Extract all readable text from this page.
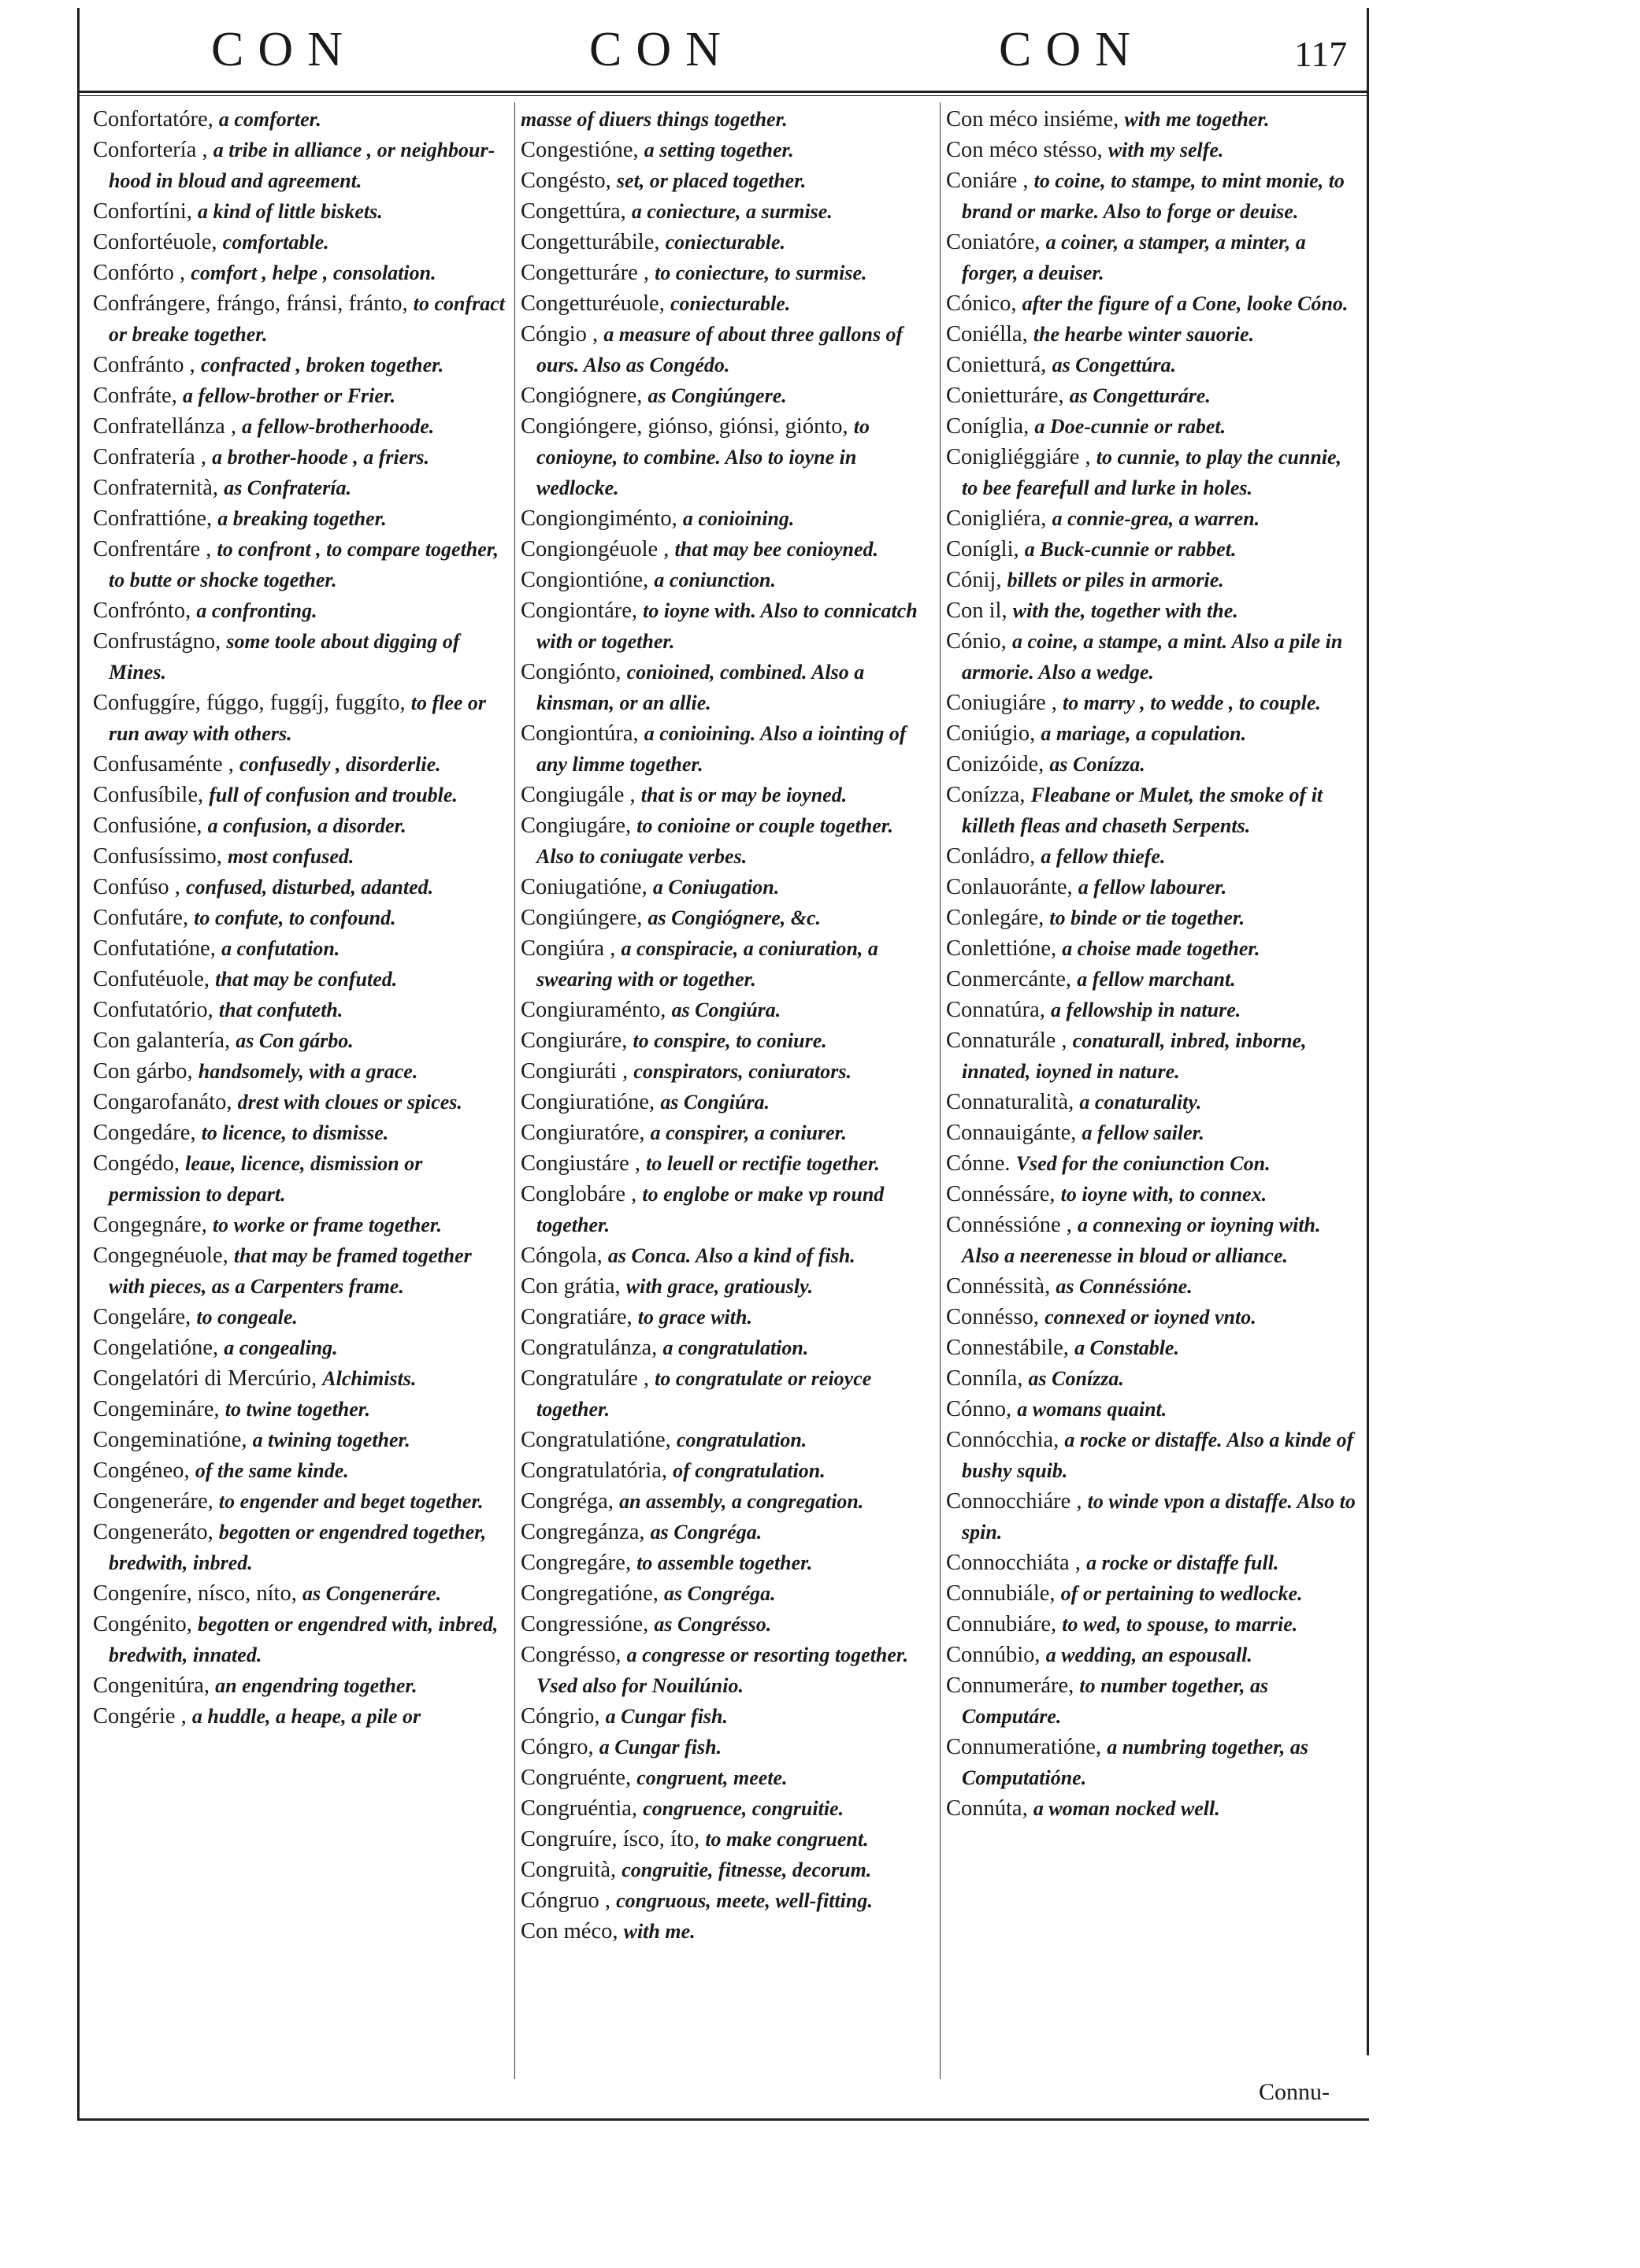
CON	CON	CON	117
Confortatóre, a comforter.
Confortería , a tribe in alliance , or neighbour-hood in bloud and agreement.
Confortíni, a kind of little biskets.
Confortéuole, comfortable.
Confórto , comfort , helpe , consolation.
Confrángere, frángo, fránsi, fránto, to confract or breake together.
Confránto , confracted , broken together.
Confráte, a fellow-brother or Frier.
Confratellánza , a fellow-brotherhoode.
Confratería , a brother-hoode , a friers.
Confraternità, as Confratería.
Confrattióne, a breaking together.
Confrentáre , to confront , to compare together, to butte or shocke together.
Confrónto, a confronting.
Confrustágno, some toole about digging of Mines.
Confuggíre, fúggo, fuggíj, fuggíto, to flee or run away with others.
Confusaménte , confusedly , disorderlie.
Confusíbile, full of confusion and trouble.
Confusióne, a confusion, a disorder.
Confusíssimo, most confused.
Confúso , confused, disturbed, adanted.
Confutáre, to confute, to confound.
Confutatióne, a confutation.
Confutéuole, that may be confuted.
Confutatório, that confuteth.
Con galantería, as Con gárbo.
Con gárbo, handsomely, with a grace.
Congarofanáto, drest with cloues or spices.
Congedáre, to licence, to dismisse.
Congédo, leaue, licence, dismission or permission to depart.
Congegnáre, to worke or frame together.
Congegnéuole, that may be framed together with pieces, as a Carpenters frame.
Congeláre, to congeale.
Congelatióne, a congealing.
Congelatóri di Mercúrio, Alchimists.
Congemináre, to twine together.
Congeminatióne, a twining together.
Congéneo, of the same kinde.
Congeneráre, to engender and beget together.
Congeneráto, begotten or engendred together, bredwith, inbred.
Congeníre, nísco, níto, as Congeneráre.
Congénito, begotten or engendred with, inbred, bredwith, innated.
Congenitúra, an engendring together.
Congérie , a huddle, a heape, a pile or
masse of diuers things together.
Congestióne, a setting together.
Congésto, set, or placed together.
Congettúra, a coniecture, a surmise.
Congetturábile, coniecturable.
Congetturáre , to coniecture, to surmise.
Congetturéuole, coniecturable.
Cóngio , a measure of about three gallons of ours. Also as Congédo.
Congiógnere, as Congiúngere.
Congióngere, giónso, giónsi, giónto, to conioyne, to combine. Also to ioyne in wedlocke.
Congiongiménto, a conioining.
Congiongéuole , that may bee conioyned.
Congiontióne, a coniunction.
Congiontáre, to ioyne with. Also to connicatch with or together.
Congiónto, conioined, combined. Also a kinsman, or an allie.
Congiontúra, a conioining. Also a iointing of any limme together.
Congiugále , that is or may be ioyned.
Congiugáre, to conioine or couple together. Also to coniugate verbes.
Coniugatióne, a Coniugation.
Congiúngere, as Congiógnere, &c.
Congiúra , a conspiracie, a coniuration, a swearing with or together.
Congiuraménto, as Congiúra.
Congiuráre, to conspire, to coniure.
Congiuráti , conspirators, coniurators.
Congiuratióne, as Congiúra.
Congiuratóre, a conspirer, a coniurer.
Congiustáre , to leuell or rectifie together.
Conglobáre , to englobe or make vp round together.
Cóngola, as Conca. Also a kind of fish.
Con grátia, with grace, gratiously.
Congratiáre, to grace with.
Congratulánza, a congratulation.
Congratuláre , to congratulate or reioyce together.
Congratulatióne, congratulation.
Congratulatória, of congratulation.
Congréga, an assembly, a congregation.
Congregánza, as Congréga.
Congregáre, to assemble together.
Congregatióne, as Congréga.
Congressióne, as Congrésso.
Congrésso, a congresse or resorting together. Vsed also for Nouilúnio.
Cóngrio, a Cungar fish.
Cóngro, a Cungar fish.
Congruénte, congruent, meete.
Congruéntia, congruence, congruitie.
Congruíre, ísco, íto, to make congruent.
Congruità, congruitie, fitnesse, decorum.
Cóngruo , congruous, meete, well-fitting.
Con méco, with me.
Con méco insiéme, with me together.
Con méco stésso, with my selfe.
Coniáre , to coine, to stampe, to mint monie, to brand or marke. Also to forge or deuise.
Coniatóre, a coiner, a stamper, a minter, a forger, a deuiser.
Cónico, after the figure of a Cone, looke Cóno.
Coniélla, the hearbe winter sauorie.
Conietturá, as Congettúra.
Conietturáre, as Congetturáre.
Coníglia, a Doe-cunnie or rabet.
Conigliéggiáre , to cunnie, to play the cunnie, to bee fearefull and lurke in holes.
Conigliéra, a connie-grea, a warren.
Conígli, a Buck-cunnie or rabbet.
Cónij, billets or piles in armorie.
Con il, with the, together with the.
Cónio, a coine, a stampe, a mint. Also a pile in armorie. Also a wedge.
Coniugiáre , to marry , to wedde , to couple.
Coniúgio, a mariage, a copulation.
Conizóide, as Conízza.
Conízza, Fleabane or Mulet, the smoke of it killeth fleas and chaseth Serpents.
Conládro, a fellow thiefe.
Conlauoránte, a fellow labourer.
Conlegáre, to binde or tie together.
Conlettióne, a choise made together.
Conmercánte, a fellow marchant.
Connatúra, a fellowship in nature.
Connaturále , conaturall, inbred, inborne, innated, ioyned in nature.
Connaturalità, a conaturality.
Connauigánte, a fellow sailer.
Cónne. Vsed for the coniunction Con.
Connéssáre, to ioyne with, to connex.
Connéssióne , a connexing or ioyning with. Also a neerenesse in bloud or alliance.
Connéssità, as Connéssióne.
Connésso, connexed or ioyned vnto.
Connestábile, a Constable.
Conníla, as Conízza.
Cónno, a womans quaint.
Connócchia, a rocke or distaffe. Also a kinde of bushy squib.
Connocchiáre , to winde vpon a distaffe. Also to spin.
Connocchiáta , a rocke or distaffe full.
Connubiále, of or pertaining to wedlocke.
Connubiáre, to wed, to spouse, to marrie.
Connúbio, a wedding, an espousall.
Connumeráre, to number together, as Computáre.
Connumeratióne, a numbring together, as Computatióne.
Connúta, a woman nocked well.
Connu-
